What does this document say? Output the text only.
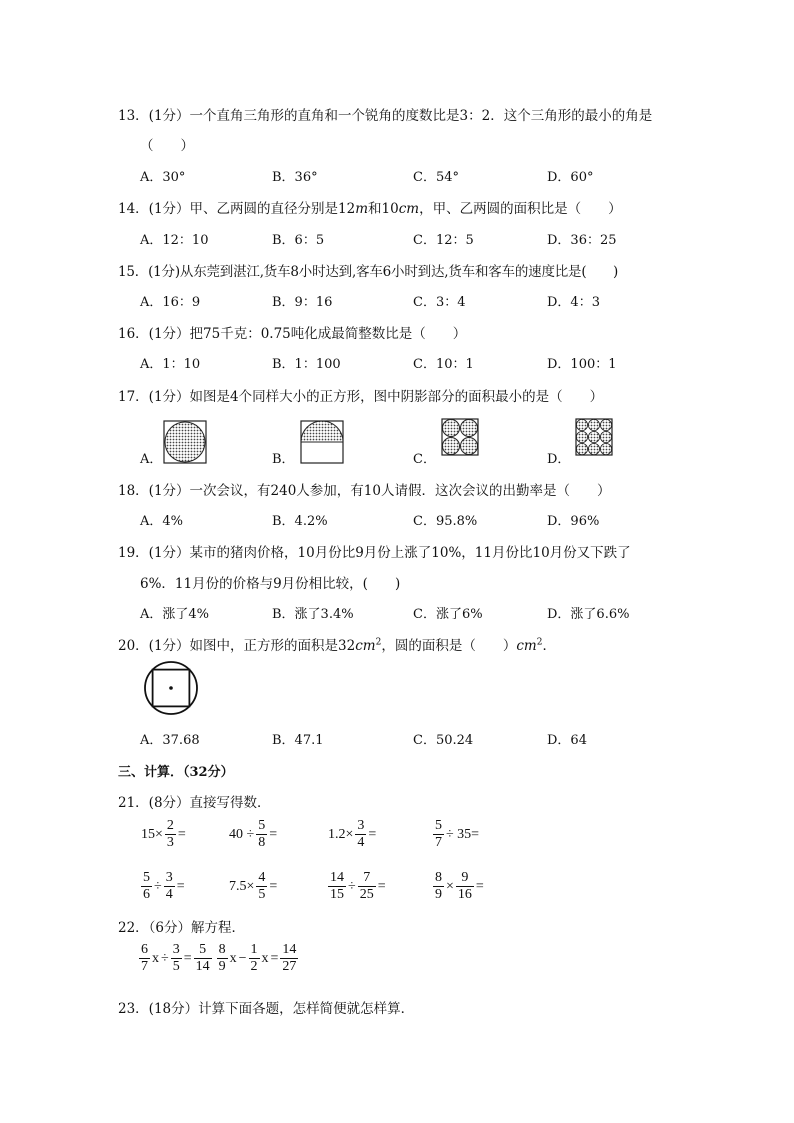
13．(1分）一个直角三角形的直角和一个锐角的度数比是3：2．这个三角形的最小的角是
（　　）
A．30°	B．36°	C．54°	D．60°
14．(1分）甲、乙两圆的直径分别是12m和10cm，甲、乙两圆的面积比是（　　）
A．12：10	B．6：5	C．12：5	D．36：25
15．(1分)从东莞到湛江,货车8小时达到,客车6小时到达,货车和客车的速度比是(　　)
A．16：9	B．9：16	C．3：4	D．4：3
16．(1分）把75千克：0.75吨化成最简整数比是（　　）
A．1：10	B．1：100	C．10：1	D．100：1
17．(1分）如图是4个同样大小的正方形，图中阴影部分的面积最小的是（　　）
A．	B．	C．	D．
18．(1分）一次会议，有240人参加，有10人请假．这次会议的出勤率是（　　）
A．4%	B．4.2%	C．95.8%	D．96%
19．(1分）某市的猪肉价格，10月份比9月份上涨了10%，11月份比10月份又下跌了
6%．11月份的价格与9月份相比较，(　　)
A．涨了4%	B．涨了3.4%	C．涨了6%	D．涨了6.6%
20．(1分）如图中，正方形的面积是$32cm^2$，圆的面积是（　　）$cm^2$．
A．37.68	B．47.1	C．50.24	D．64
三、计算．（32分）
21．(8分）直接写得数．
$15\times \frac{2}{3}$ =	$40 \div \frac{5}{8}$ =	$1.2\times \frac{3}{4}$ =	$\frac{5}{7} \div 35=$
$\frac{5}{6} \div \frac{3}{4}$ =	$7.5\times \frac{4}{5}$ =	$\frac{14}{15} \div \frac{7}{25}$ =	$\frac{8}{9} \times \frac{9}{16}$ =
22．（6分）解方程．
$\frac{6}{7}$ $x \div \frac{3}{5} = \frac{5}{14} \frac{8}{9}$ $x - \frac{1}{2}$ $x = \frac{14}{27}$
23．(18分）计算下面各题，怎样简便就怎样算．
